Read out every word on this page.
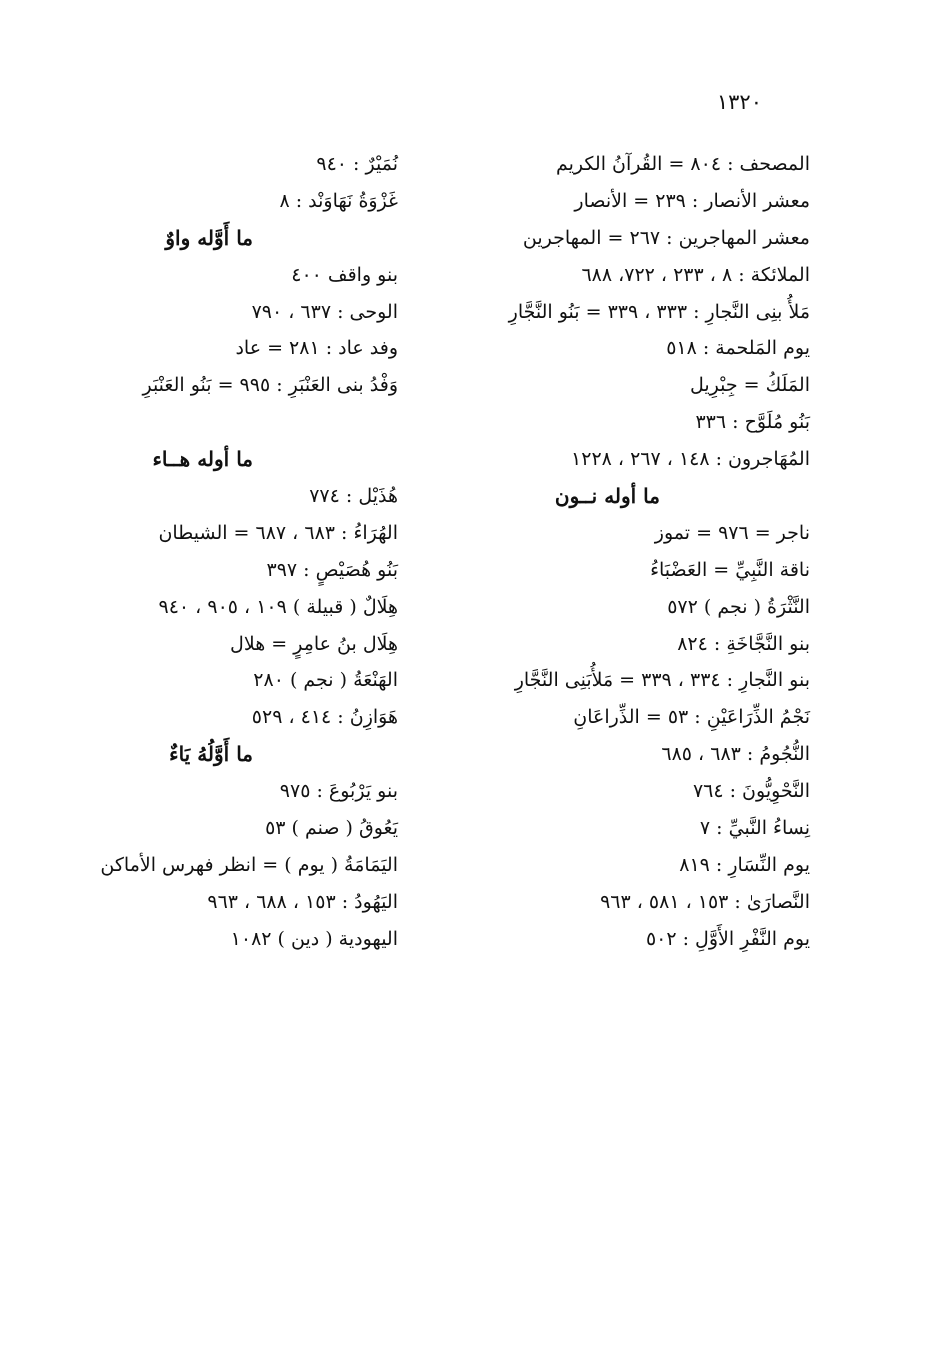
١٣٢٠
المصحف : ٨٠٤ = القُرآنُ الكريم
معشر الأنصار : ٢٣٩ = الأنصار
معشر المهاجرين : ٢٦٧ = المهاجرين
الملائكة : ٨ ، ٢٣٣ ، ٧٢٢، ٦٨٨
مَلأُ بنِى النَّجارِ : ٣٣٣ ، ٣٣٩ = بَنُو النَّجَّارِ
يوم المَلحمة : ٥١٨
المَلَكُ = جِبْرِيل
بَنُو مُلَوَّح : ٣٣٦
المُهَاجرون : ١٤٨ ، ٢٦٧ ، ١٢٢٨
ما أوله نــون
ناجر = ٩٧٦ = تموز
ناقة النَّبِيِّ = العَضْبَاءُ
النَّثْرَةُ ( نجم ) ٥٧٢
بنو النَّجَّاخَةِ : ٨٢٤
بنو النَّجارِ : ٣٣٤ ، ٣٣٩ = مَلأُبَنِى النَّجَّارِ
نَجْمُ الذِّرَاعَيْنِ : ٥٣ = الذِّراعَانِ
النُّجُومُ : ٦٨٣ ، ٦٨٥
النَّحْوِيُّونَ : ٧٦٤
نِساءُ النَّبيِّ : ٧
يوم النِّسَارِ : ٨١٩
النَّصارَىٰ : ١٥٣ ، ٥٨١ ، ٩٦٣
يوم النَّفْرِ الأَوَّلِ : ٥٠٢
نُمَيْرٌ : ٩٤٠
غَزْوَةُ نَهَاوَنْد : ٨
ما أَوَّله واوٌ
بنو واقف ٤٠٠
الوحى : ٦٣٧ ، ٧٩٠
وفد عاد : ٢٨١ = عاد
وَفْدُ بنى العَنْبَرِ : ٩٩٥ = بَنُو العَنْبَرِ
ما أوله هــاء
هُذَيْل : ٧٧٤
الهُرَاءُ : ٦٨٣ ، ٦٨٧ = الشيطان
بَنُو هُصَيْصٍ : ٣٩٧
هِلَالٌ ( قبيلة ) ١٠٩ ، ٩٠٥ ، ٩٤٠
هِلَال بنُ عامِرٍ = هلال
الهَنْعَةُ ( نجم ) ٢٨٠
هَوَازِنُ : ٤١٤ ، ٥٢٩
ما أَوَّلُهُ يَاءٌ
بنو يَرْبُوعَ : ٩٧٥
يَعُوقُ ( صنم ) ٥٣
اليَمَامَةُ ( يوم ) = انظر فهرس الأماكن
اليَهُودُ : ١٥٣ ، ٦٨٨ ، ٩٦٣
اليهودية ( دين ) ١٠٨٢
